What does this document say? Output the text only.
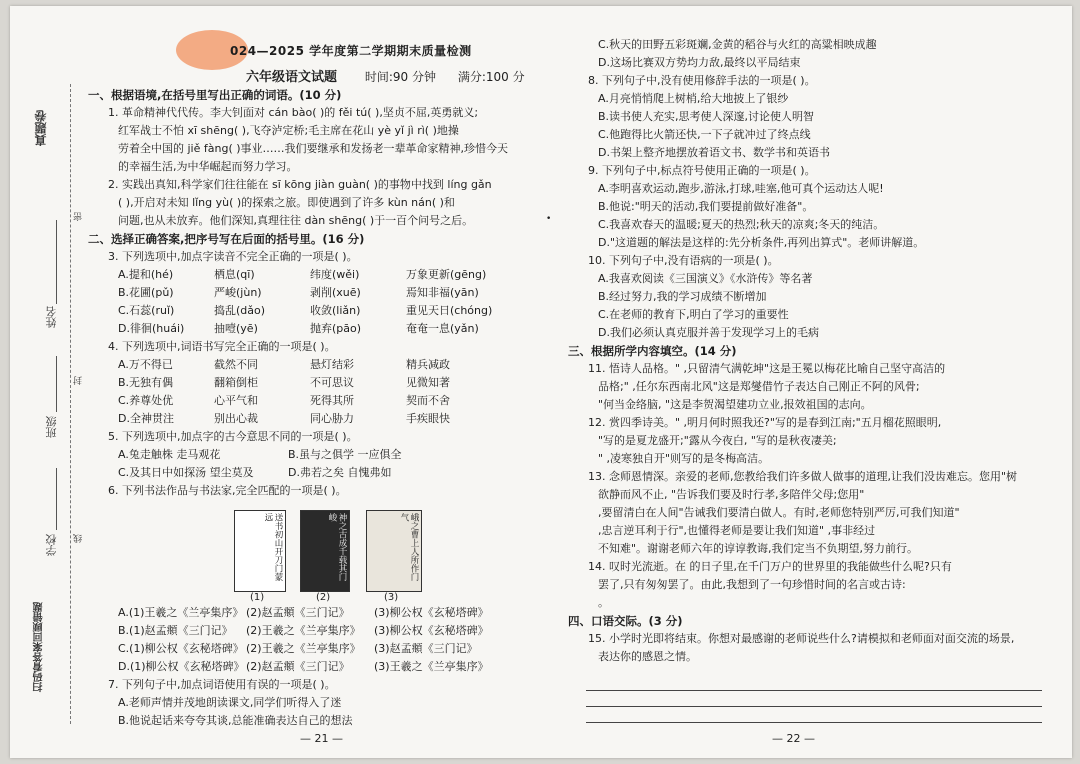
真题卷
姓名
班级
学校
扫码看答案回顾错题
密
封
线
024—2025 学年度第二学期期末质量检测
六年级语文试题 时间:90 分钟 满分:100 分

一、根据语境,在括号里写出正确的词语。(10 分)

1. 革命精神代代传。李大钊面对 cán bào( )的 fěi tú( ),坚贞不屈,英勇就义;

红军战士不怕 xī shēng( ),飞夺泸定桥;毛主席在花山 yè yǐ jì rì( )地操

劳着全中国的 jiě fàng( )事业……我们要继承和发扬老一辈革命家精神,珍惜今天

的幸福生活,为中华崛起而努力学习。

2. 实践出真知,科学家们往往能在 sī kōng jiàn guàn( )的事物中找到 líng gǎn

( ),开启对未知 lǐng yù( )的探索之旅。即使遇到了许多 kùn nán( )和

问题,也从未放弃。他们深知,真理往往 dàn shēng( )于一百个问号之后。

二、选择正确答案,把序号写在后面的括号里。(16 分)

3. 下列选项中,加点字读音不完全正确的一项是( )。

A.提和(hé)	栖息(qī)	纬度(wěi)	万象更新(gēng)
B.花圃(pǔ)	严峻(jùn)	剥削(xuē)	焉知非福(yān)
C.石蕊(ruǐ)	捣乱(dǎo)	收敛(liǎn)	重见天日(chóng)
D.徘徊(huái)	抽噎(yē)	抛弃(pāo)	奄奄一息(yǎn)

4. 下列选项中,词语书写完全正确的一项是( )。

A.万不得已	截然不同	悬灯结彩	精兵减政
B.无独有偶	翻箱倒柜	不可思议	见微知著
C.养尊处优	心平气和	死得其所	契而不舍
D.全神贯注	别出心裁	同心胁力	手疾眼快

5. 下列选项中,加点字的古今意思不同的一项是( )。

A.兔走触株 走马观花	B.虽与之俱学 一应俱全
C.及其日中如探汤 望尘莫及	D.弗若之矣 自愧弗如

6. 下列书法作品与书法家,完全匹配的一项是( )。

A.(1)王羲之《兰亭集序》 (2)赵孟頫《三门记》	(3)柳公权《玄秘塔碑》
B.(1)赵孟頫《三门记》	(2)王羲之《兰亭集序》	(3)柳公权《玄秘塔碑》
C.(1)柳公权《玄秘塔碑》 (2)王羲之《兰亭集序》	(3)赵孟頫《三门记》
D.(1)柳公权《玄秘塔碑》 (2)赵孟頫《三门记》	(3)王羲之《兰亭集序》

7. 下列句子中,加点词语使用有误的一项是( )。

A.老师声情并茂地朗读课文,同学们听得入了迷

B.他说起话来夸夸其谈,总能准确表达自己的想法

送书初山开刀门蒙远	神之古成千载其门峻	峨之曹上人所作门气
(1)	(2)	(3)
— 21 —
•

C.秋天的田野五彩斑斓,金黄的稻谷与火红的高粱相映成趣

D.这场比赛双方势均力敌,最终以平局结束

8. 下列句子中,没有使用修辞手法的一项是( )。

A.月亮悄悄爬上树梢,给大地披上了银纱

B.读书使人充实,思考使人深邃,讨论使人明智

C.他跑得比火箭还快,一下子就冲过了终点线

D.书架上整齐地摆放着语文书、数学书和英语书

9. 下列句子中,标点符号使用正确的一项是( )。

A.李明喜欢运动,跑步,游泳,打球,哇塞,他可真个运动达人呢!

B.他说:"明天的活动,我们要提前做好准备"。

C.我喜欢春天的温暖;夏天的热烈;秋天的凉爽;冬天的纯洁。

D."这道题的解法是这样的:先分析条件,再列出算式"。老师讲解道。

10. 下列句子中,没有语病的一项是( )。

A.我喜欢阅读《三国演义》《水浒传》等名著

B.经过努力,我的学习成绩不断增加

C.在老师的教育下,明白了学习的重要性

D.我们必须认真克服并善于发现学习上的毛病

三、根据所学内容填空。(14 分)

11. 悟诗人品格。" ,只留清气满乾坤"这是王冕以梅花比喻自己坚守高洁的

品格;" ,任尔东西南北风"这是郑燮借竹子表达自己刚正不阿的风骨;

"何当金络脑, "这是李贺渴望建功立业,报效祖国的志向。

12. 赏四季诗美。" ,明月何时照我还?"写的是春到江南;"五月榴花照眼明,

"写的是夏龙盛开;"露从今夜白, "写的是秋夜凄美;

" ,凌寒独自开"则写的是冬梅高洁。

13. 念师恩情深。亲爱的老师,您教给我们许多做人做事的道理,让我们没齿难忘。您用"树

欲静而风不止, "告诉我们要及时行孝,多陪伴父母;您用"

,要留清白在人间"告诫我们要清白做人。有时,老师您特别严厉,可我们知道"

,忠言逆耳利于行",也懂得老师是要让我们知道" ,事非经过

不知难"。谢谢老师六年的谆谆教诲,我们定当不负期望,努力前行。

14. 叹时光流逝。在 的日子里,在千门万户的世界里的我能做些什么呢?只有

罢了,只有匆匆罢了。由此,我想到了一句珍惜时间的名言或古诗:

。

四、口语交际。(3 分)

15. 小学时光即将结束。你想对最感谢的老师说些什么?请模拟和老师面对面交流的场景,

表达你的感恩之情。

— 22 —
